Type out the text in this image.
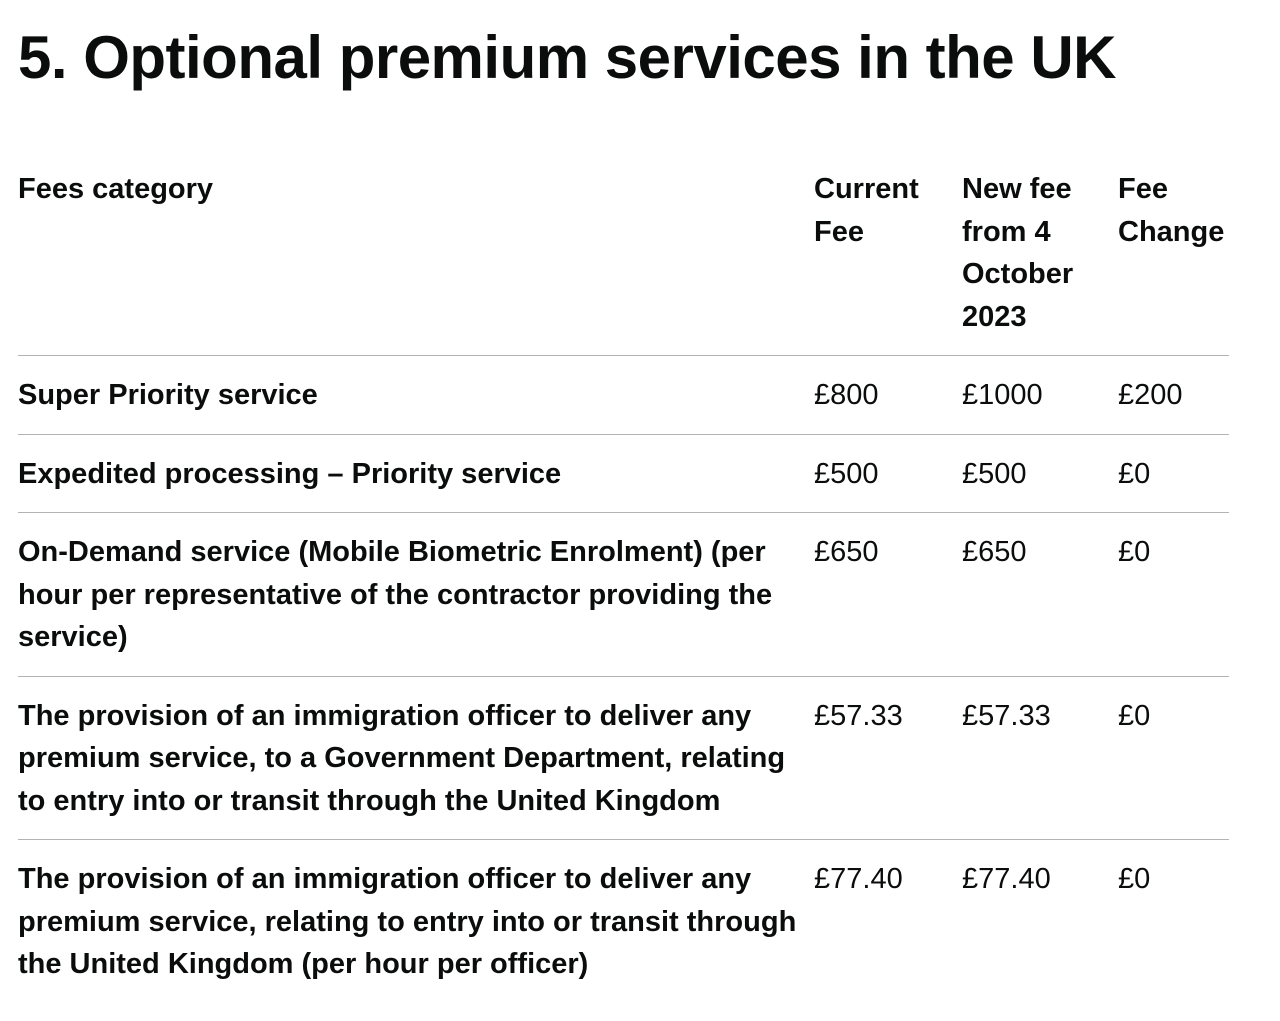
5. Optional premium services in the UK
Fees category	Current Fee	New fee from 4 October 2023	Fee Change
Super Priority service	£800	£1000	£200
Expedited processing – Priority service	£500	£500	£0
On-Demand service (Mobile Biometric Enrolment) (per hour per representative of the contractor providing the service)	£650	£650	£0
The provision of an immigration officer to deliver any premium service, to a Government Department, relating to entry into or transit through the United Kingdom	£57.33	£57.33	£0
The provision of an immigration officer to deliver any premium service, relating to entry into or transit through the United Kingdom (per hour per officer)	£77.40	£77.40	£0
